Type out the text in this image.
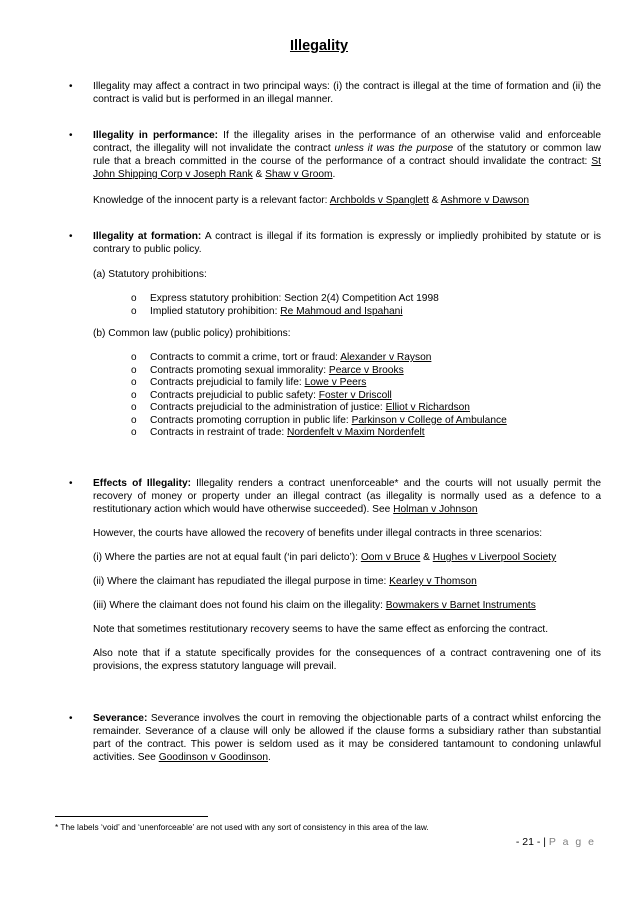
Illegality
• Illegality may affect a contract in two principal ways: (i) the contract is illegal at the time of formation and (ii) the contract is valid but is performed in an illegal manner.

• Illegality in performance: If the illegality arises in the performance of an otherwise valid and enforceable contract, the illegality will not invalidate the contract unless it was the purpose of the statutory or common law rule that a breach committed in the course of the performance of a contract should invalidate the contract: St John Shipping Corp v Joseph Rank & Shaw v Groom.

Knowledge of the innocent party is a relevant factor: Archbolds v Spanglett & Ashmore v Dawson

• Illegality at formation: A contract is illegal if its formation is expressly or impliedly prohibited by statute or is contrary to public policy.

(a) Statutory prohibitions:

o Express statutory prohibition: Section 2(4) Competition Act 1998
o Implied statutory prohibition: Re Mahmoud and Ispahani

(b) Common law (public policy) prohibitions:

o Contracts to commit a crime, tort or fraud: Alexander v Rayson
o Contracts promoting sexual immorality: Pearce v Brooks
o Contracts prejudicial to family life: Lowe v Peers
o Contracts prejudicial to public safety: Foster v Driscoll
o Contracts prejudicial to the administration of justice: Elliot v Richardson
o Contracts promoting corruption in public life: Parkinson v College of Ambulance
o Contracts in restraint of trade: Nordenfelt v Maxim Nordenfelt
• Effects of Illegality: Illegality renders a contract unenforceable* and the courts will not usually permit the recovery of money or property under an illegal contract (as illegality is normally used as a defence to a restitutionary action which would have otherwise succeeded). See Holman v Johnson

However, the courts have allowed the recovery of benefits under illegal contracts in three scenarios:

(i) Where the parties are not at equal fault (‘in pari delicto’): Oom v Bruce & Hughes v Liverpool Society

(ii) Where the claimant has repudiated the illegal purpose in time: Kearley v Thomson

(iii) Where the claimant does not found his claim on the illegality: Bowmakers v Barnet Instruments

Note that sometimes restitutionary recovery seems to have the same effect as enforcing the contract.

Also note that if a statute specifically provides for the consequences of a contract contravening one of its provisions, the express statutory language will prevail.

• Severance: Severance involves the court in removing the objectionable parts of a contract whilst enforcing the remainder. Severance of a clause will only be allowed if the clause forms a subsidiary rather than substantial part of the contract. This power is seldom used as it may be considered tantamount to condoning unlawful activities. See Goodinson v Goodinson.

* The labels ‘void’ and ‘unenforceable’ are not used with any sort of consistency in this area of the law.
- 21 - | P a g e
